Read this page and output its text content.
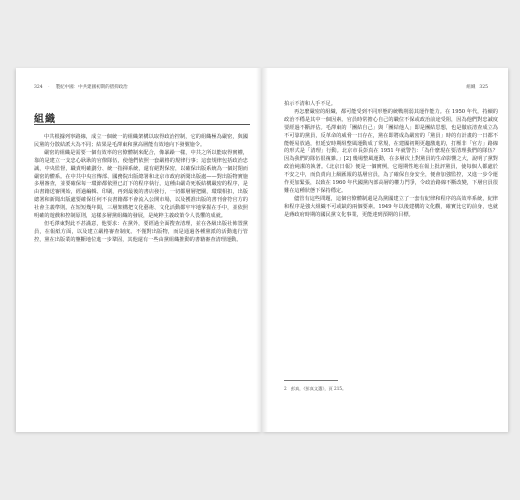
324 ‧　製紀中國：中共建國初期的摺抑政治
組織

中共根據列寧路線，成立一個統一的組織架構以取得政治控制，它的組織極為嚴密，與國民黨的分散結派大為不同；結果是毛澤東和黨高層能有效地向下發號施令。

嚴密的組織是需要一個有效率的官僚體制來配合，像暴躁一樣，中共之所以能取得實權，靠的是建立一支忠心耿耿的官僚隊伍，使他們依照一套嚴格的規律行事；這套規律包括政治忠誠，中央監督，職責明確劃分、統一指揮系統，還有絕對保密，以確保出版系統為一個封閉而嚴密的體系。在中共中央宣傳部、國務院出版總署和北京市政府新聞出版處——對出版物實施多層審查，並要確保每一環節都依照已訂下的程序執行，這種由嚴苛死板結構嚴密的程序，是由書籍送審開始，經過編輯、印刷，再到最後的書店發行，一切都層層把關，環環相扣，出版總署和新聞出版處要確保任何不良書籍都不會流入公開市場，以及獲准出版的書刊會符官方的社會主義準則。在短短幾年間，三層架構把文化藝術、文化活動都牢牢地掌握在手中，並依照明確的遊戲和控制原則，這樣多層黨組織的發展，是純粹主義政策令人畏懼的成就。

但毛澤東對此不甚滿意，他要求：在黨外，要經過全面搜查清理，並在各級出版社佈置黨員，在報紙方面，以及建立嚴格審查制度。不僅對出版物，而是通過各種黨派的活動進行管控，黨在出版業的壟斷地位進一步鞏固，其他還有一些由黨組織推動的書籍審查清理運動。

組織 325

拍示不清和人手不足。

再怎麼嚴密的組織，都可能受到不同形態的統戰削弱其運作能力。在 1950 年代，持續的政治不穩是其中一個因素。官員時常擔心自己的職位不保或政治前途受阻，因為他們對忠誠度要經過不斷評估。毛澤東的「團結自己」與「團結他人」即是團結思想，也是徹底清查成立為不可靠的黨員，反革命的威脅一日存在，黨在即將成為嚴密的「黨員」時的有計畫的一日都不能輕易放過，但延安時期組整風運動成了常規，在建國初期更趨激進的，打壓非「官方」路線的形式是「清理」行動。北京市長彭真在 1951 年就警告：「為什麼現在要清理我們的隊伍？因為我們的隊伍很複雜。」[2] 幾場整風運動，在多層次上對黨員的生命影響之大，說明了黨對政治純潔的執著。《北京日報》便是一個實例，它週期性地在報上批評黨員，使每個人都處於不安之中，而負責向上級匯報的基層官員，為了確保自身安全，便會加強監控，又進一步令運作更加緊張，以致在 1960 年代國黨內部高層的權力鬥爭，令政治路線不斷改變，下層官員很難在這種狀態下保持穩定。

儘管有這些問題，這個官僚體制還是為黨國建立了一套有紀律和程序的高效率系統，紀律和程序是強大組織不可或缺的兩個要素。1949 年以後建構的文化觀，確實比它的前身，也就是蔣政府時期的國民黨文化事業，更能達到預期的目標。

2　彭真，《彭真文選》，頁 215。
